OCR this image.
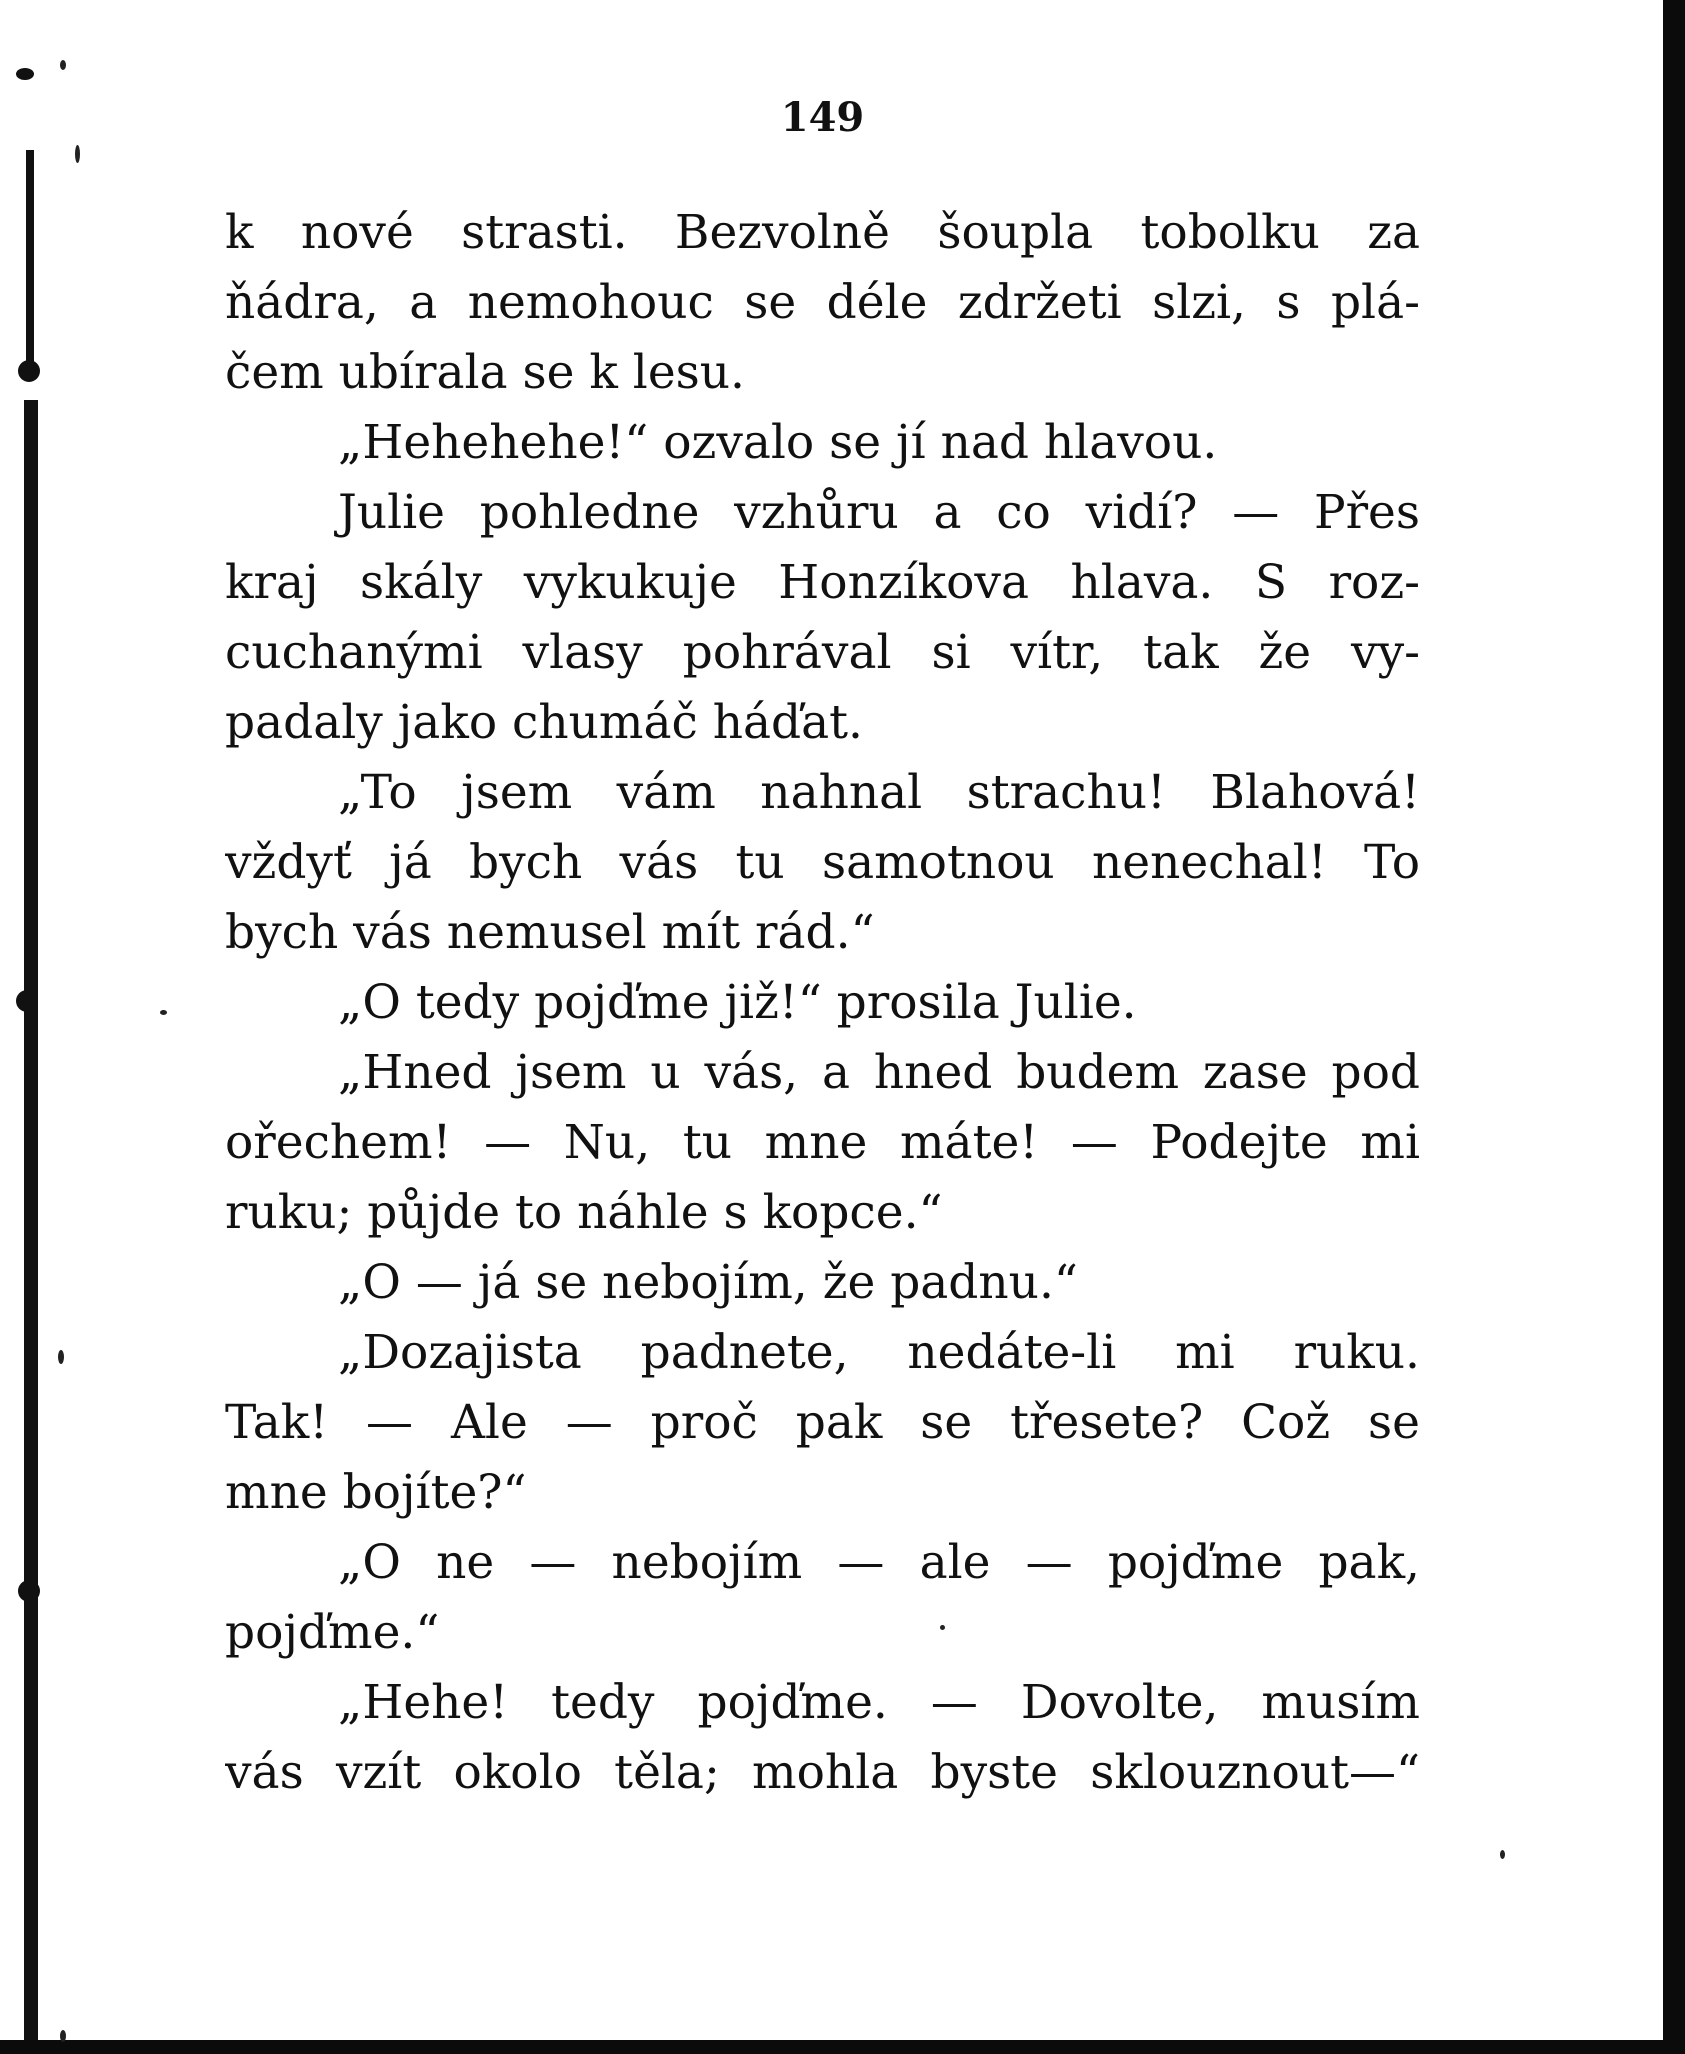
149
k nové strasti. Bezvolně šoupla tobolku za
ňádra, a nemohouc se déle zdržeti slzi, s plá-
čem ubírala se k lesu.
„Hehehehe!“ ozvalo se jí nad hlavou.
Julie pohledne vzhůru a co vidí? — Přes
kraj skály vykukuje Honzíkova hlava. S roz-
cuchanými vlasy pohrával si vítr, tak že vy-
padaly jako chumáč háďat.
„To jsem vám nahnal strachu! Blahová!
vždyť já bych vás tu samotnou nenechal! To
bych vás nemusel mít rád.“
„O tedy pojďme již!“ prosila Julie.
„Hned jsem u vás, a hned budem zase pod
ořechem! — Nu, tu mne máte! — Podejte mi
ruku; půjde to náhle s kopce.“
„O — já se nebojím, že padnu.“
„Dozajista padnete, nedáte-li mi ruku.
Tak! — Ale — proč pak se třesete? Což se
mne bojíte?“
„O ne — nebojím — ale — pojďme pak,
pojďme.“
„Hehe! tedy pojďme. — Dovolte, musím
vás vzít okolo těla; mohla byste sklouznout—“
